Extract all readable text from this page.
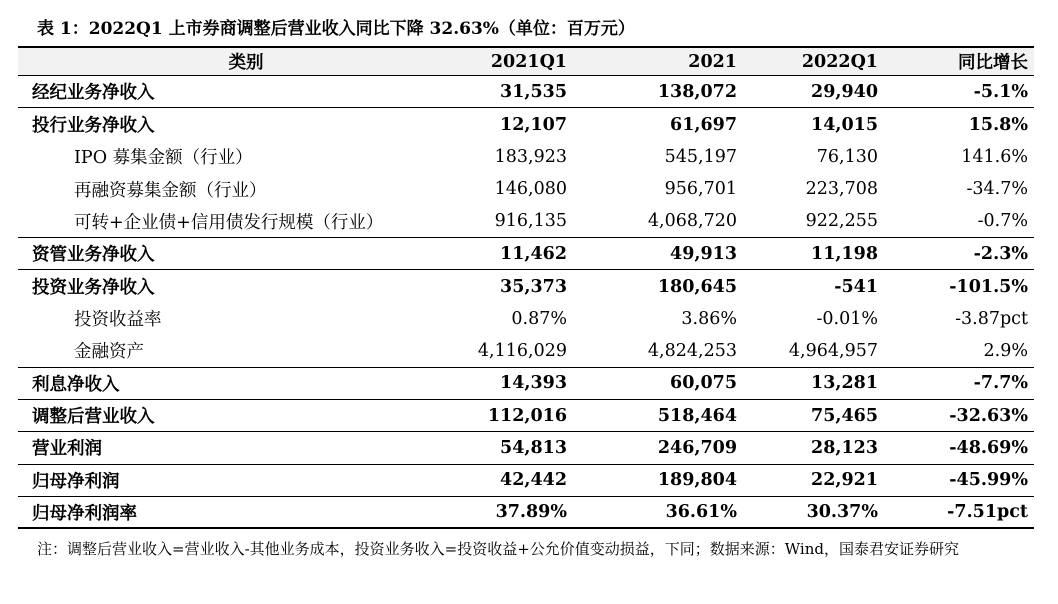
表 1：2022Q1 上市券商调整后营业收入同比下降 32.63%（单位：百万元）
类别	2021Q1	2021	2022Q1	同比增长
经纪业务净收入	31,535	138,072	29,940	-5.1%
投行业务净收入	12,107	61,697	14,015	15.8%
IPO 募集金额（行业）	183,923	545,197	76,130	141.6%
再融资募集金额（行业）	146,080	956,701	223,708	-34.7%
可转+企业债+信用债发行规模（行业）	916,135	4,068,720	922,255	-0.7%
资管业务净收入	11,462	49,913	11,198	-2.3%
投资业务净收入	35,373	180,645	-541	-101.5%
投资收益率	0.87%	3.86%	-0.01%	-3.87pct
金融资产	4,116,029	4,824,253	4,964,957	2.9%
利息净收入	14,393	60,075	13,281	-7.7%
调整后营业收入	112,016	518,464	75,465	-32.63%
营业利润	54,813	246,709	28,123	-48.69%
归母净利润	42,442	189,804	22,921	-45.99%
归母净利润率	37.89%	36.61%	30.37%	-7.51pct
注：调整后营业收入=营业收入-其他业务成本，投资业务收入=投资收益+公允价值变动损益，下同；数据来源：Wind，国泰君安证券研究
